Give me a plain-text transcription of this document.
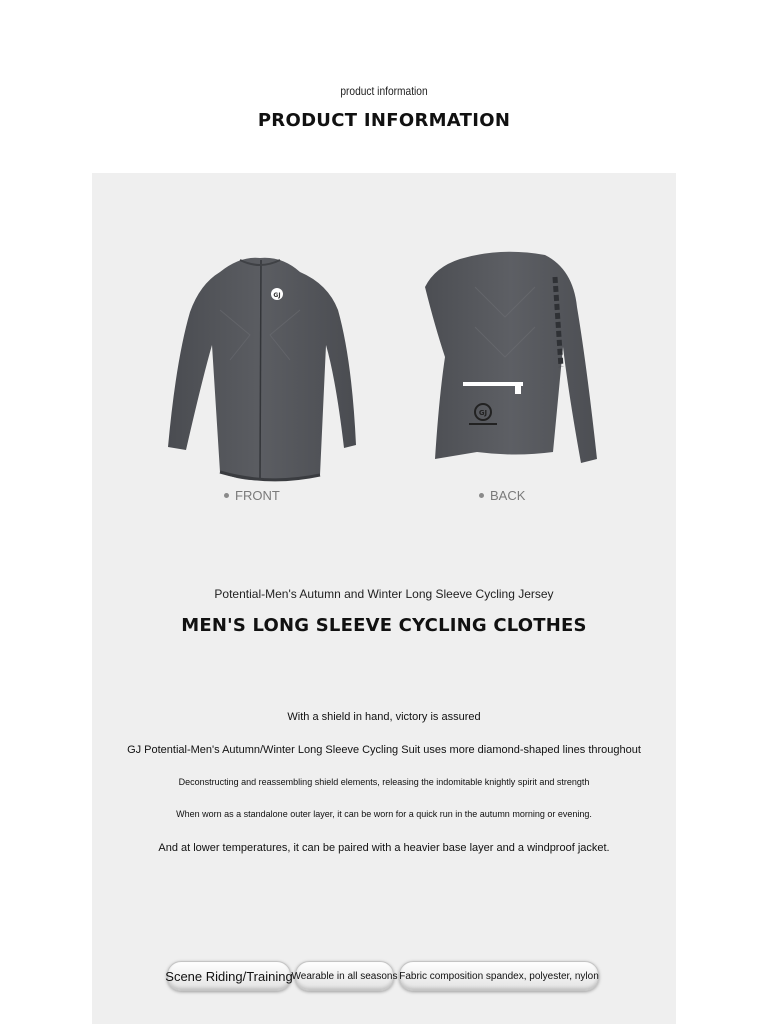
product information
PRODUCT INFORMATION
GJ
GJ
FRONT	BACK
Potential-Men's Autumn and Winter Long Sleeve Cycling Jersey
MEN'S LONG SLEEVE CYCLING CLOTHES
With a shield in hand, victory is assured
GJ Potential-Men's Autumn/Winter Long Sleeve Cycling Suit uses more diamond-shaped lines throughout
Deconstructing and reassembling shield elements, releasing the indomitable knightly spirit and strength
When worn as a standalone outer layer, it can be worn for a quick run in the autumn morning or evening.
And at lower temperatures, it can be paired with a heavier base layer and a windproof jacket.
Scene Riding/Training
Wearable in all seasons Fabric composition spandex, polyester, nylon
